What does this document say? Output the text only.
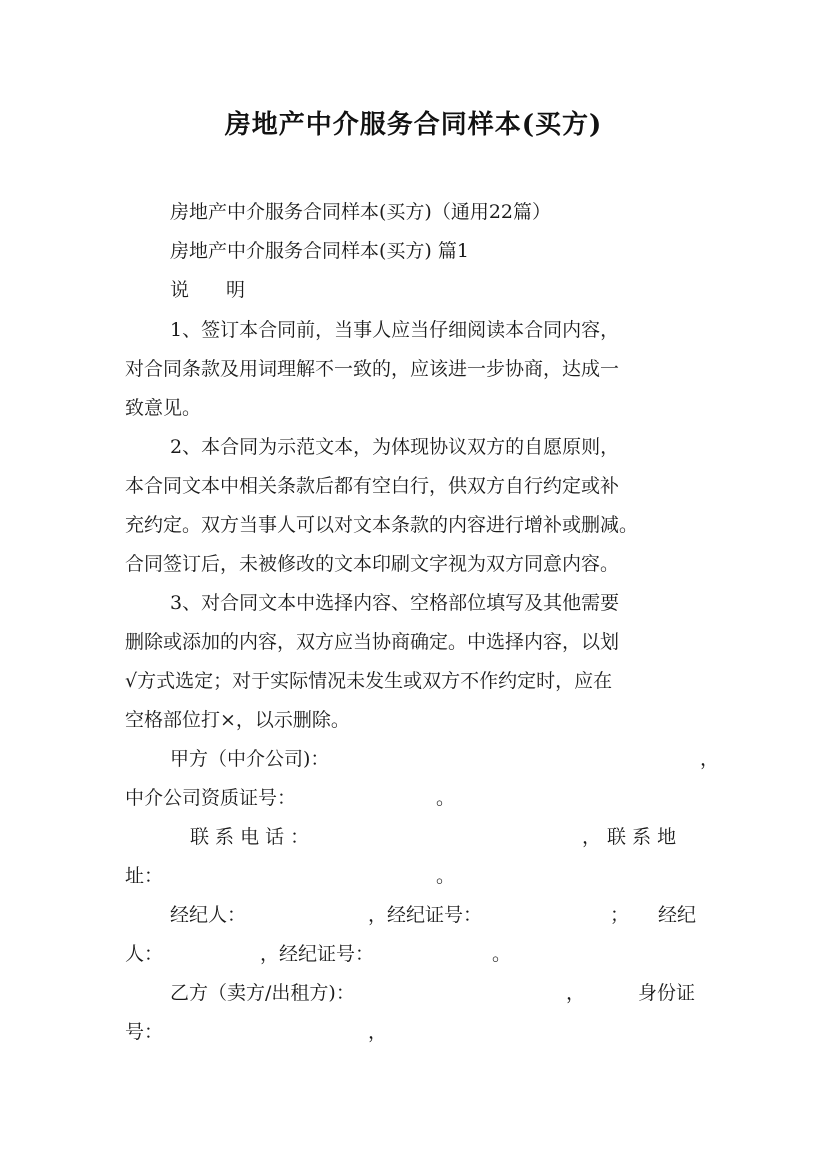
房地产中介服务合同样本(买方)
房地产中介服务合同样本(买方)（通用22篇）
房地产中介服务合同样本(买方) 篇1
说 明
1、签订本合同前，当事人应当仔细阅读本合同内容，
对合同条款及用词理解不一致的，应该进一步协商，达成一
致意见。
2、本合同为示范文本，为体现协议双方的自愿原则，
本合同文本中相关条款后都有空白行，供双方自行约定或补
充约定。双方当事人可以对文本条款的内容进行增补或删减。
合同签订后，未被修改的文本印刷文字视为双方同意内容。
3、对合同文本中选择内容、空格部位填写及其他需要
删除或添加的内容，双方应当协商确定。中选择内容，以划
√方式选定；对于实际情况未发生或双方不作约定时，应在
空格部位打×，以示删除。
甲方（中介公司)：	，
中介公司资质证号：	。
联 系 电 话 ：	， 联 系 地
址：	。
经纪人：	，经纪证号：	； 经纪
人：	，经纪证号：	。
乙方（卖方/出租方)：	，	身份证
号：	，
